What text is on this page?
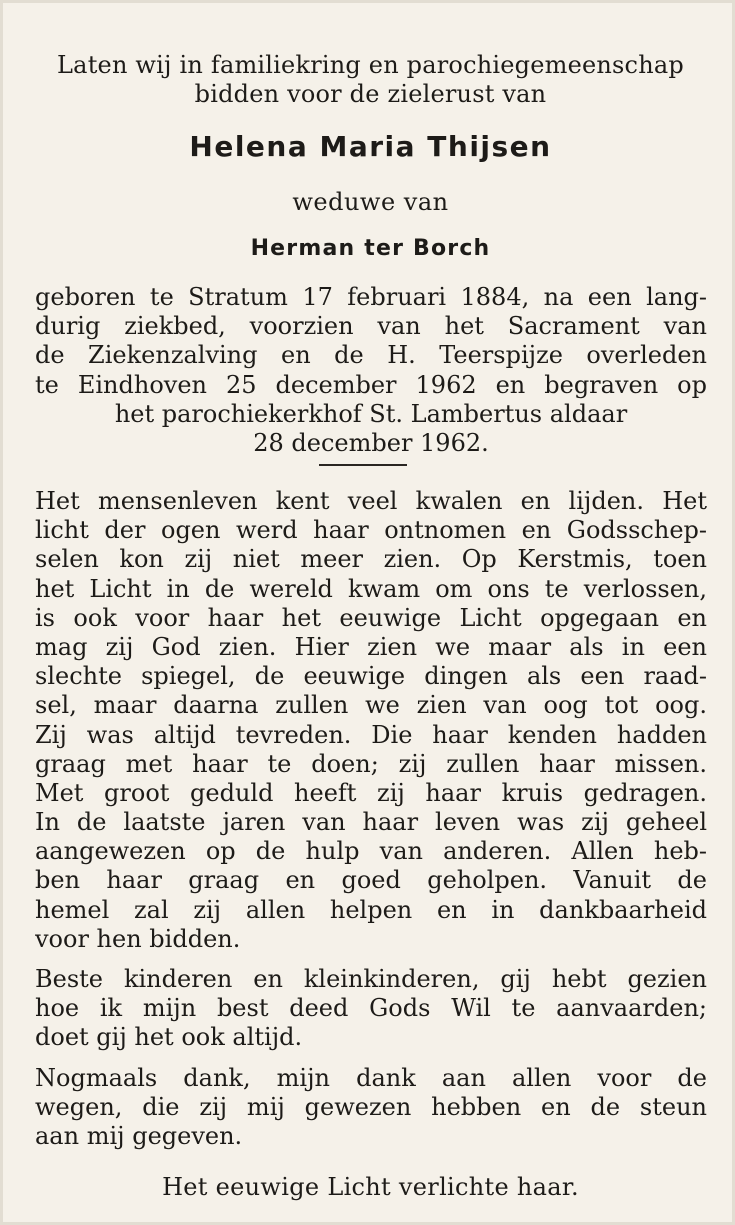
Laten wij in familiekring en parochiegemeenschap
bidden voor de zielerust van
Helena Maria Thijsen
weduwe van
Herman ter Borch
geboren te Stratum 17 februari 1884, na een lang-
durig ziekbed, voorzien van het Sacrament van
de Ziekenzalving en de H. Teerspijze overleden
te Eindhoven 25 december 1962 en begraven op
het parochiekerkhof St. Lambertus aldaar
28 december 1962.
Het mensenleven kent veel kwalen en lijden. Het
licht der ogen werd haar ontnomen en Godsschep-
selen kon zij niet meer zien. Op Kerstmis, toen
het Licht in de wereld kwam om ons te verlossen,
is ook voor haar het eeuwige Licht opgegaan en
mag zij God zien. Hier zien we maar als in een
slechte spiegel, de eeuwige dingen als een raad-
sel, maar daarna zullen we zien van oog tot oog.
Zij was altijd tevreden. Die haar kenden hadden
graag met haar te doen; zij zullen haar missen.
Met groot geduld heeft zij haar kruis gedragen.
In de laatste jaren van haar leven was zij geheel
aangewezen op de hulp van anderen. Allen heb-
ben haar graag en goed geholpen. Vanuit de
hemel zal zij allen helpen en in dankbaarheid
voor hen bidden.
Beste kinderen en kleinkinderen, gij hebt gezien
hoe ik mijn best deed Gods Wil te aanvaarden;
doet gij het ook altijd.
Nogmaals dank, mijn dank aan allen voor de
wegen, die zij mij gewezen hebben en de steun
aan mij gegeven.
Het eeuwige Licht verlichte haar.
